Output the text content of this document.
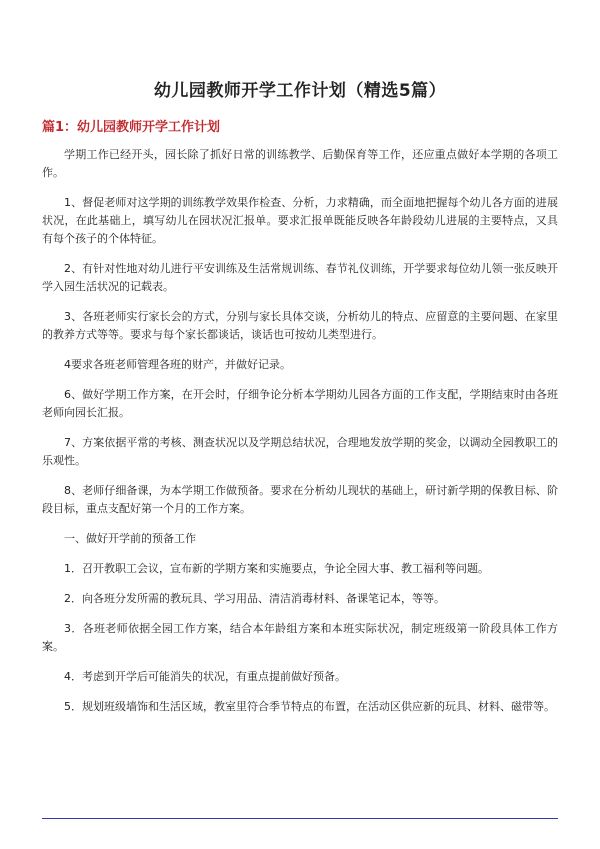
幼儿园教师开学工作计划（精选5篇）
篇1：幼儿园教师开学工作计划

学期工作已经开头，园长除了抓好日常的训练教学、后勤保育等工作，还应重点做好本学期的各项工作。

1、督促老师对这学期的训练教学效果作检查、分析，力求精确，而全面地把握每个幼儿各方面的进展状况，在此基础上，填写幼儿在园状况汇报单。要求汇报单既能反映各年龄段幼儿进展的主要特点，又具有每个孩子的个体特征。

2、有针对性地对幼儿进行平安训练及生活常规训练、春节礼仪训练，开学要求每位幼儿领一张反映开学入园生活状况的记载表。

3、各班老师实行家长会的方式，分别与家长具体交谈，分析幼儿的特点、应留意的主要问题、在家里的教养方式等等。要求与每个家长都谈话，谈话也可按幼儿类型进行。

4要求各班老师管理各班的财产，并做好记录。

6、做好学期工作方案，在开会时，仔细争论分析本学期幼儿园各方面的工作支配，学期结束时由各班老师向园长汇报。

7、方案依据平常的考核、测查状况以及学期总结状况，合理地发放学期的奖金，以调动全园教职工的乐观性。

8、老师仔细备课，为本学期工作做预备。要求在分析幼儿现状的基础上，研讨新学期的保教目标、阶段目标，重点支配好第一个月的工作方案。

一、做好开学前的预备工作

1．召开教职工会议，宣布新的学期方案和实施要点，争论全园大事、教工福利等问题。

2．向各班分发所需的教玩具、学习用品、清洁消毒材料、备课笔记本，等等。

3．各班老师依据全园工作方案，结合本年龄组方案和本班实际状况，制定班级第一阶段具体工作方案。

4．考虑到开学后可能消失的状况，有重点提前做好预备。

5．规划班级墙饰和生活区域，教室里符合季节特点的布置，在活动区供应新的玩具、材料、磁带等。
